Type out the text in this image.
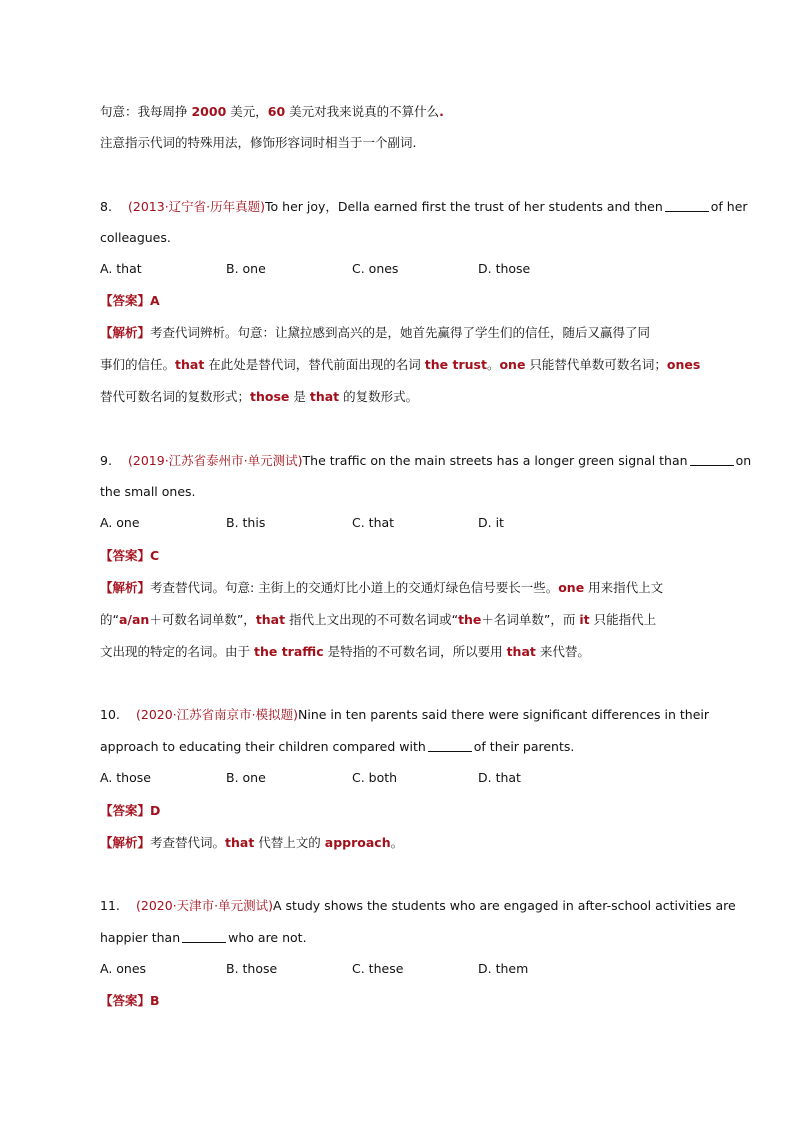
句意：我每周挣 2000 美元，60 美元对我来说真的不算什么.
注意指示代词的特殊用法，修饰形容词时相当于一个副词.
8. (2013·辽宁省·历年真题)To her joy，Della earned first the trust of her students and then	of her
colleagues.
A. that	B. one	C. ones	D. those
【答案】A
【解析】考查代词辨析。句意：让黛拉感到高兴的是，她首先赢得了学生们的信任，随后又赢得了同
事们的信任。that 在此处是替代词，替代前面出现的名词 the trust。one 只能替代单数可数名词；ones
替代可数名词的复数形式；those 是 that 的复数形式。
9. (2019·江苏省泰州市·单元测试)The traffic on the main streets has a longer green signal than	on
the small ones.
A. one	B. this	C. that	D. it
【答案】C
【解析】考查替代词。句意: 主街上的交通灯比小道上的交通灯绿色信号要长一些。one 用来指代上文
的“a/an＋可数名词单数”，that 指代上文出现的不可数名词或“the＋名词单数”，而 it 只能指代上
文出现的特定的名词。由于 the traffic 是特指的不可数名词，所以要用 that 来代替。
10. (2020·江苏省南京市·模拟题)Nine in ten parents said there were significant differences in their
approach to educating their children compared with	of their parents.
A. those	B. one	C. both	D. that
【答案】D
【解析】考查替代词。that 代替上文的 approach。
11. (2020·天津市·单元测试)A study shows the students who are engaged in after-school activities are
happier than	who are not.
A. ones	B. those	C. these	D. them
【答案】B
